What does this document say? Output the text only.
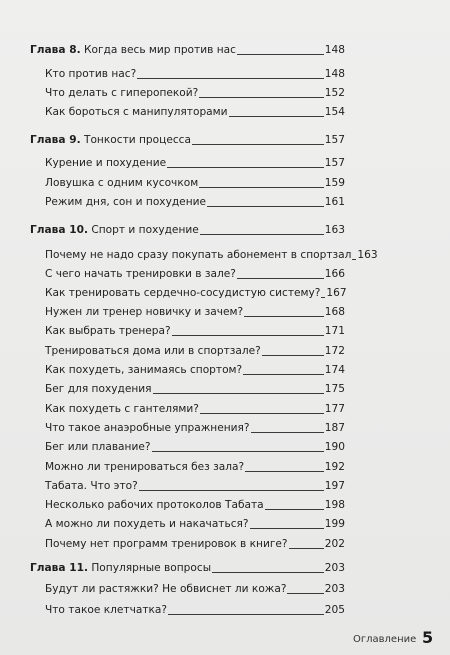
Глава 8. Когда весь мир против нас	148
Кто против нас?	148
Что делать с гиперопекой?	152
Как бороться с манипуляторами	154
Глава 9. Тонкости процесса	157
Курение и похудение	157
Ловушка с одним кусочком	159
Режим дня, сон и похудение	161
Глава 10. Спорт и похудение	163
Почему не надо сразу покупать абонемент в спортзал 163
С чего начать тренировки в зале?	166
Как тренировать сердечно-сосудистую систему? 167
Нужен ли тренер новичку и зачем?	168
Как выбрать тренера?	171
Тренироваться дома или в спортзале?	172
Как похудеть, занимаясь спортом?	174
Бег для похудения	175
Как похудеть с гантелями?	177
Что такое анаэробные упражнения?	187
Бег или плавание?	190
Можно ли тренироваться без зала?	192
Табата. Что это?	197
Несколько рабочих протоколов Табата	198
А можно ли похудеть и накачаться?	199
Почему нет программ тренировок в книге?	202
Глава 11. Популярные вопросы	203
Будут ли растяжки? Не обвиснет ли кожа?	203
Что такое клетчатка?	205
Оглавление 5
